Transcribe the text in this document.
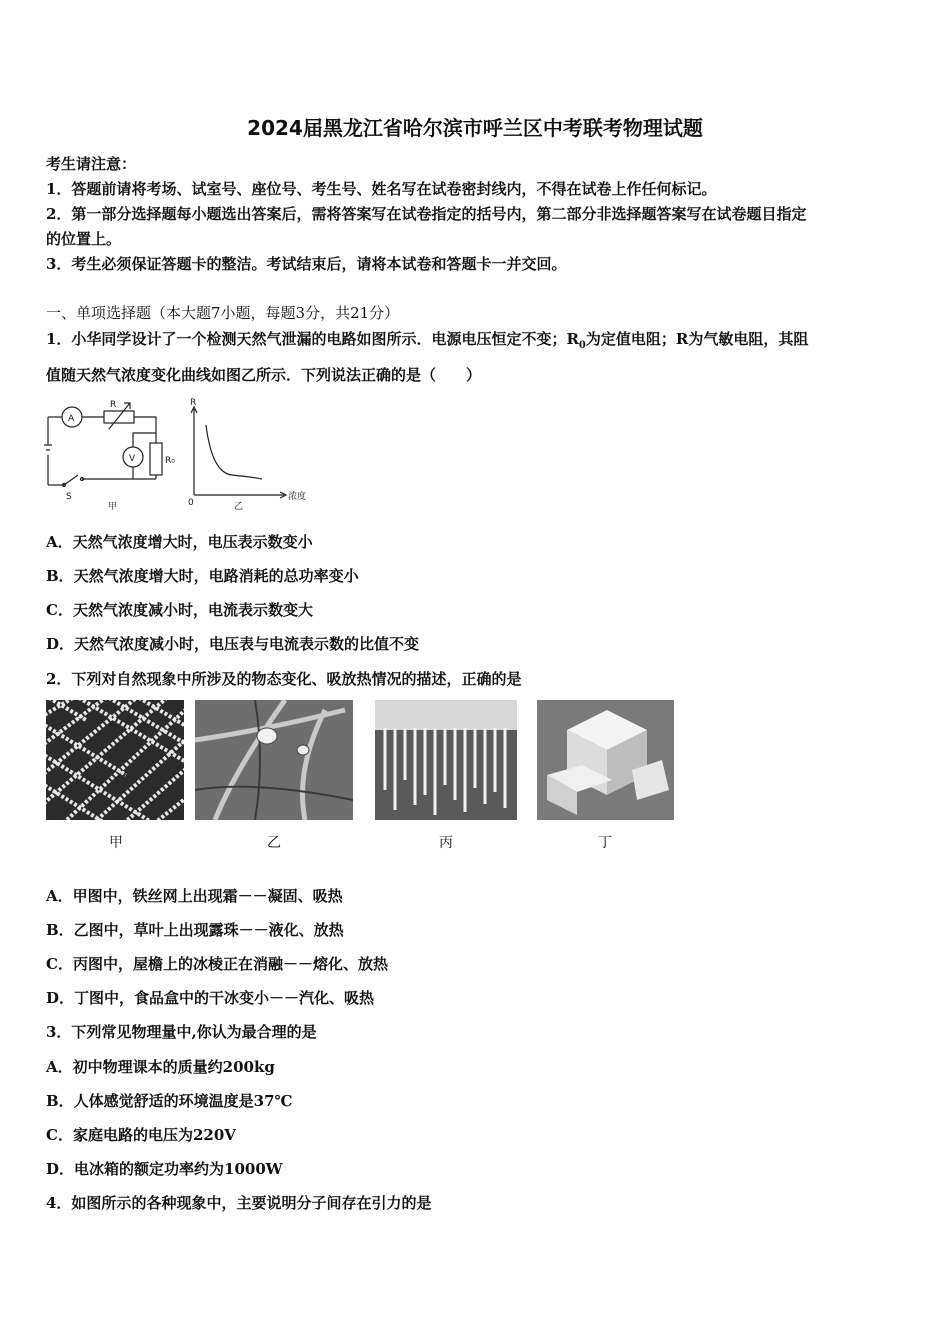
2024届黑龙江省哈尔滨市呼兰区中考联考物理试题
考生请注意：
1．答题前请将考场、试室号、座位号、考生号、姓名写在试卷密封线内，不得在试卷上作任何标记。
2．第一部分选择题每小题选出答案后，需将答案写在试卷指定的括号内，第二部分非选择题答案写在试卷题目指定
的位置上。
3．考生必须保证答题卡的整洁。考试结束后，请将本试卷和答题卡一并交回。
一、单项选择题（本大题7小题，每题3分，共21分）
1．小华同学设计了一个检测天然气泄漏的电路如图所示．电源电压恒定不变；$R_0$为定值电阻；R为气敏电阻，其阻
值随天然气浓度变化曲线如图乙所示．下列说法正确的是（　　）
A
R
V	R₀
S
甲
R
0
浓度
乙
A．天然气浓度增大时，电压表示数变小
B．天然气浓度增大时，电路消耗的总功率变小
C．天然气浓度减小时，电流表示数变大
D．天然气浓度减小时，电压表与电流表示数的比值不变
2．下列对自然现象中所涉及的物态变化、吸放热情况的描述，正确的是
甲	乙	丙	丁
A．甲图中，铁丝网上出现霜－－凝固、吸热
B．乙图中，草叶上出现露珠－－液化、放热
C．丙图中，屋檐上的冰棱正在消融－－熔化、放热
D．丁图中，食品盒中的干冰变小－－汽化、吸热
3．下列常见物理量中,你认为最合理的是
A．初中物理课本的质量约200kg
B．人体感觉舒适的环境温度是37℃
C．家庭电路的电压为220V
D．电冰箱的额定功率约为1000W
4．如图所示的各种现象中，主要说明分子间存在引力的是
